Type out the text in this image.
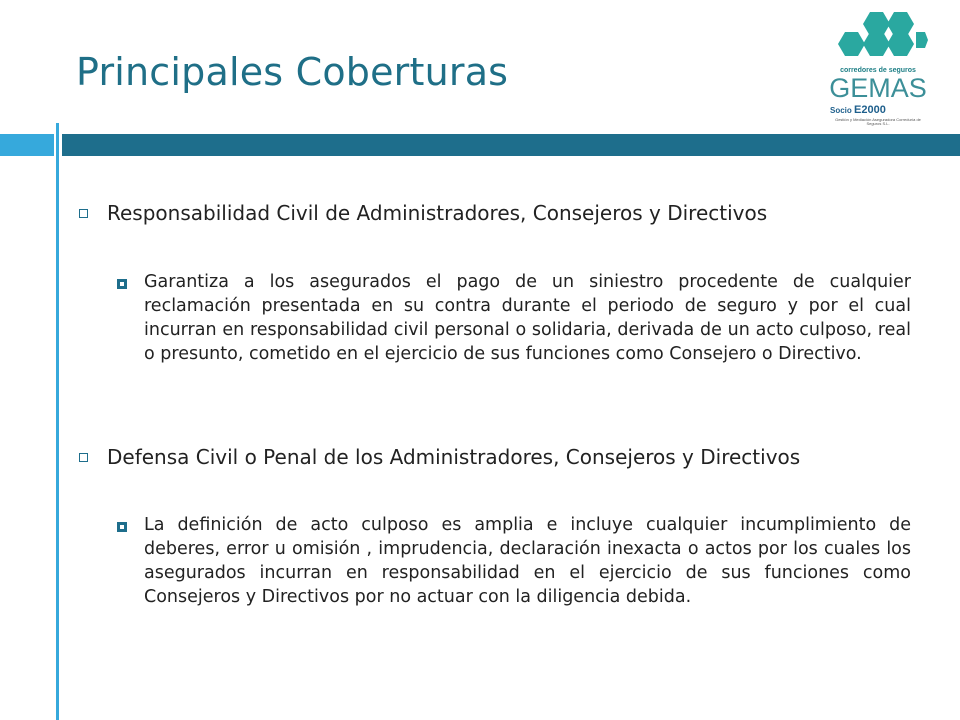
Principales Coberturas	corredores de seguros
GEMAS
Socio E2000
Gestión y Mediación Aseguradora Correduría de Seguros S.L.
Responsabilidad Civil de Administradores, Consejeros y Directivos
Garantiza a los asegurados el pago de un siniestro procedente de cualquier reclamación presentada en su contra durante el periodo de seguro y por el cual incurran en responsabilidad civil personal o solidaria, derivada de un acto culposo, real o presunto, cometido en el ejercicio de sus funciones como Consejero o Directivo.
Defensa Civil o Penal de los Administradores, Consejeros y Directivos
La definición de acto culposo es amplia e incluye cualquier incumplimiento de deberes, error u omisión , imprudencia, declaración inexacta o actos por los cuales los asegurados incurran en responsabilidad en el ejercicio de sus funciones como Consejeros y Directivos por no actuar con la diligencia debida.
